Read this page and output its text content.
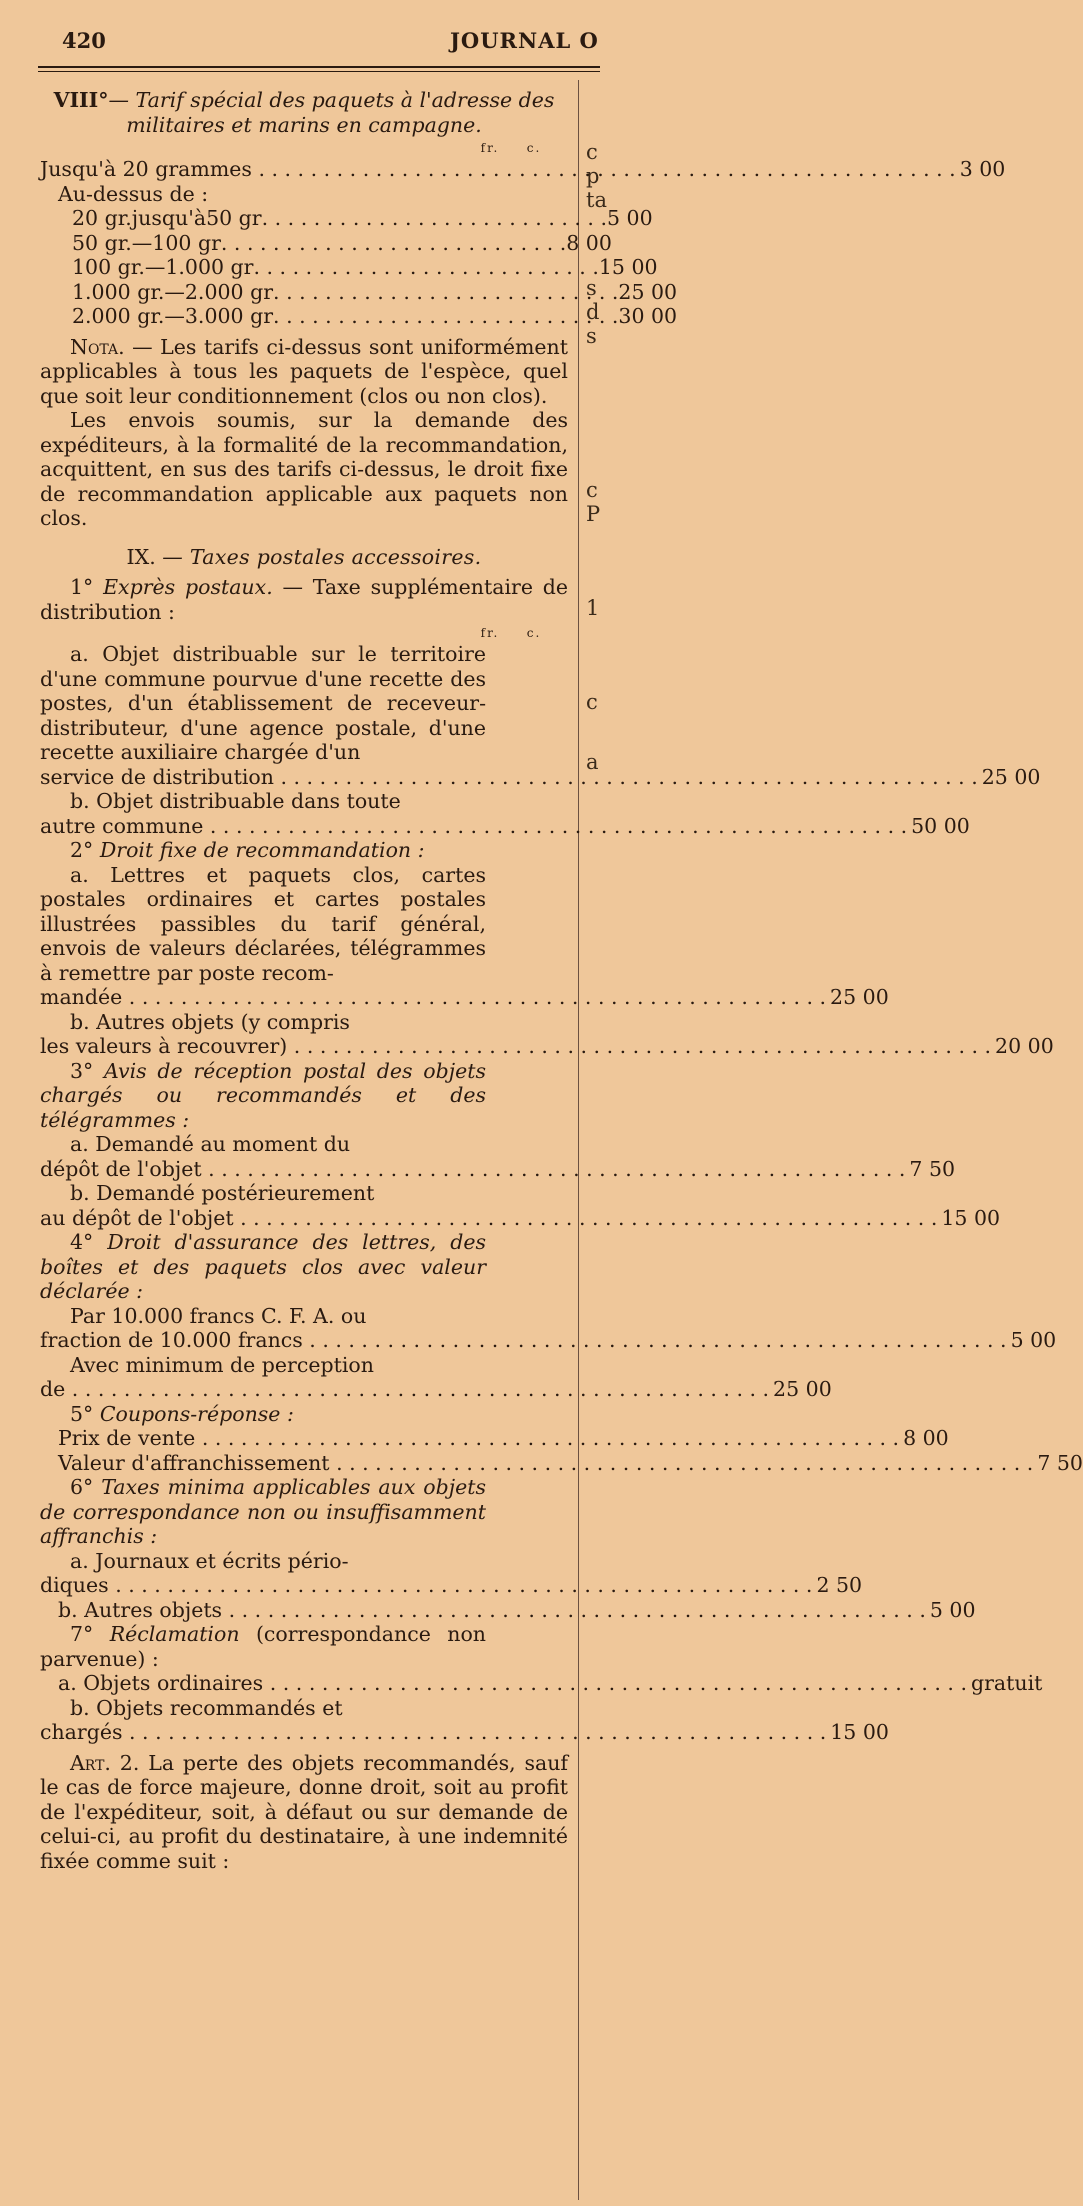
420	JOURNAL O
c
p
ta
s
d
s
c
P
1
c
a
VIII°— Tarif spécial des paquets à l'adresse des militaires et marins en campagne.
fr. c.
Jusqu'à 20 grammes . . .	3 00
Au-dessus de :
20 gr. jusqu'à 50 gr . . .	5 00
50 gr. — 100 gr . . .	8 00
100 gr. — 1.000 gr . . .	15 00
1.000 gr. — 2.000 gr . . .	25 00
2.000 gr. — 3.000 gr . . .	30 00

Nota. — Les tarifs ci-dessus sont uniformément applicables à tous les paquets de l'espèce, quel que soit leur conditionnement (clos ou non clos).

Les envois soumis, sur la demande des expéditeurs, à la formalité de la recommandation, acquittent, en sus des tarifs ci-dessus, le droit fixe de recommandation applicable aux paquets non clos.

IX. — Taxes postales accessoires.

1° Exprès postaux. — Taxe supplémentaire de distribution :

fr. c.

a. Objet distribuable sur le territoire d'une commune pourvue d'une recette des postes, d'un établissement de receveur-distributeur, d'une agence postale, d'une recette auxiliaire chargée d'un

service de distribution . . .	25 00

b. Objet distribuable dans toute

autre commune . . .	50 00

2° Droit fixe de recommandation :

a. Lettres et paquets clos, cartes postales ordinaires et cartes postales illustrées passibles du tarif général, envois de valeurs déclarées, télégrammes à remettre par poste recom-

mandée . . .	25 00

b. Autres objets (y compris

les valeurs à recouvrer) . . .	20 00

3° Avis de réception postal des objets chargés ou recommandés et des télégrammes :

a. Demandé au moment du

dépôt de l'objet . . .	7 50

b. Demandé postérieurement

au dépôt de l'objet . . .	15 00

4° Droit d'assurance des lettres, des boîtes et des paquets clos avec valeur déclarée :

Par 10.000 francs C. F. A. ou

fraction de 10.000 francs . . .	5 00

Avec minimum de perception

de . . .	25 00

5° Coupons-réponse :

Prix de vente . . .	8 00
Valeur d'affranchissement . . .	7 50

6° Taxes minima applicables aux objets de correspondance non ou insuffisamment affranchis :

a. Journaux et écrits pério-

diques . . .	2 50
b. Autres objets . . .	5 00

7° Réclamation (correspondance non parvenue) :

a. Objets ordinaires . . .	gratuit

b. Objets recommandés et

chargés . . .	15 00

Art. 2. La perte des objets recommandés, sauf le cas de force majeure, donne droit, soit au profit de l'expéditeur, soit, à défaut ou sur demande de celui-ci, au profit du destinataire, à une indemnité fixée comme suit :
